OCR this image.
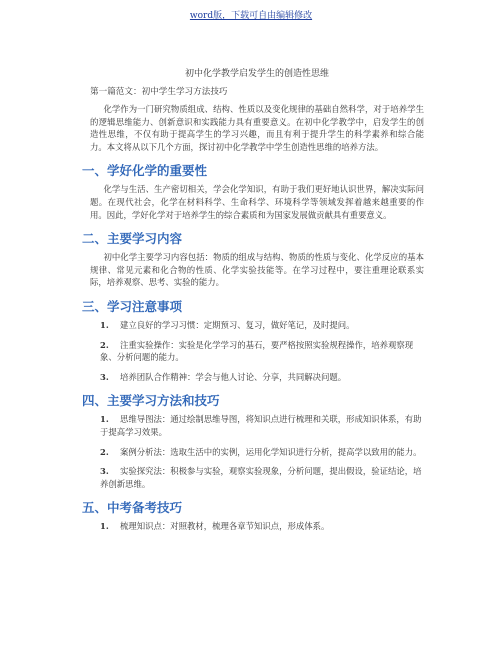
word版，下载可自由编辑修改
初中化学教学启发学生的创造性思维
第一篇范文：初中学生学习方法技巧

化学作为一门研究物质组成、结构、性质以及变化规律的基础自然科学，对于培养学生的逻辑思维能力、创新意识和实践能力具有重要意义。在初中化学教学中，启发学生的创造性思维，不仅有助于提高学生的学习兴趣，而且有利于提升学生的科学素养和综合能力。本文将从以下几个方面，探讨初中化学教学中学生创造性思维的培养方法。

一、学好化学的重要性

化学与生活、生产密切相关，学会化学知识，有助于我们更好地认识世界，解决实际问题。在现代社会，化学在材料科学、生命科学、环境科学等领域发挥着越来越重要的作用。因此，学好化学对于培养学生的综合素质和为国家发展做贡献具有重要意义。

二、主要学习内容

初中化学主要学习内容包括：物质的组成与结构、物质的性质与变化、化学反应的基本规律、常见元素和化合物的性质、化学实验技能等。在学习过程中，要注重理论联系实际，培养观察、思考、实验的能力。

三、学习注意事项
1. 建立良好的学习习惯：定期预习、复习，做好笔记，及时提问。
2. 注重实验操作：实验是化学学习的基石，要严格按照实验规程操作，培养观察现象、分析问题的能力。
3. 培养团队合作精神：学会与他人讨论、分享，共同解决问题。
四、主要学习方法和技巧
1. 思维导图法：通过绘制思维导图，将知识点进行梳理和关联，形成知识体系，有助于提高学习效果。
2. 案例分析法：选取生活中的实例，运用化学知识进行分析，提高学以致用的能力。
3. 实验探究法：积极参与实验，观察实验现象，分析问题，提出假设，验证结论，培养创新思维。
五、中考备考技巧
1. 梳理知识点：对照教材，梳理各章节知识点，形成体系。
